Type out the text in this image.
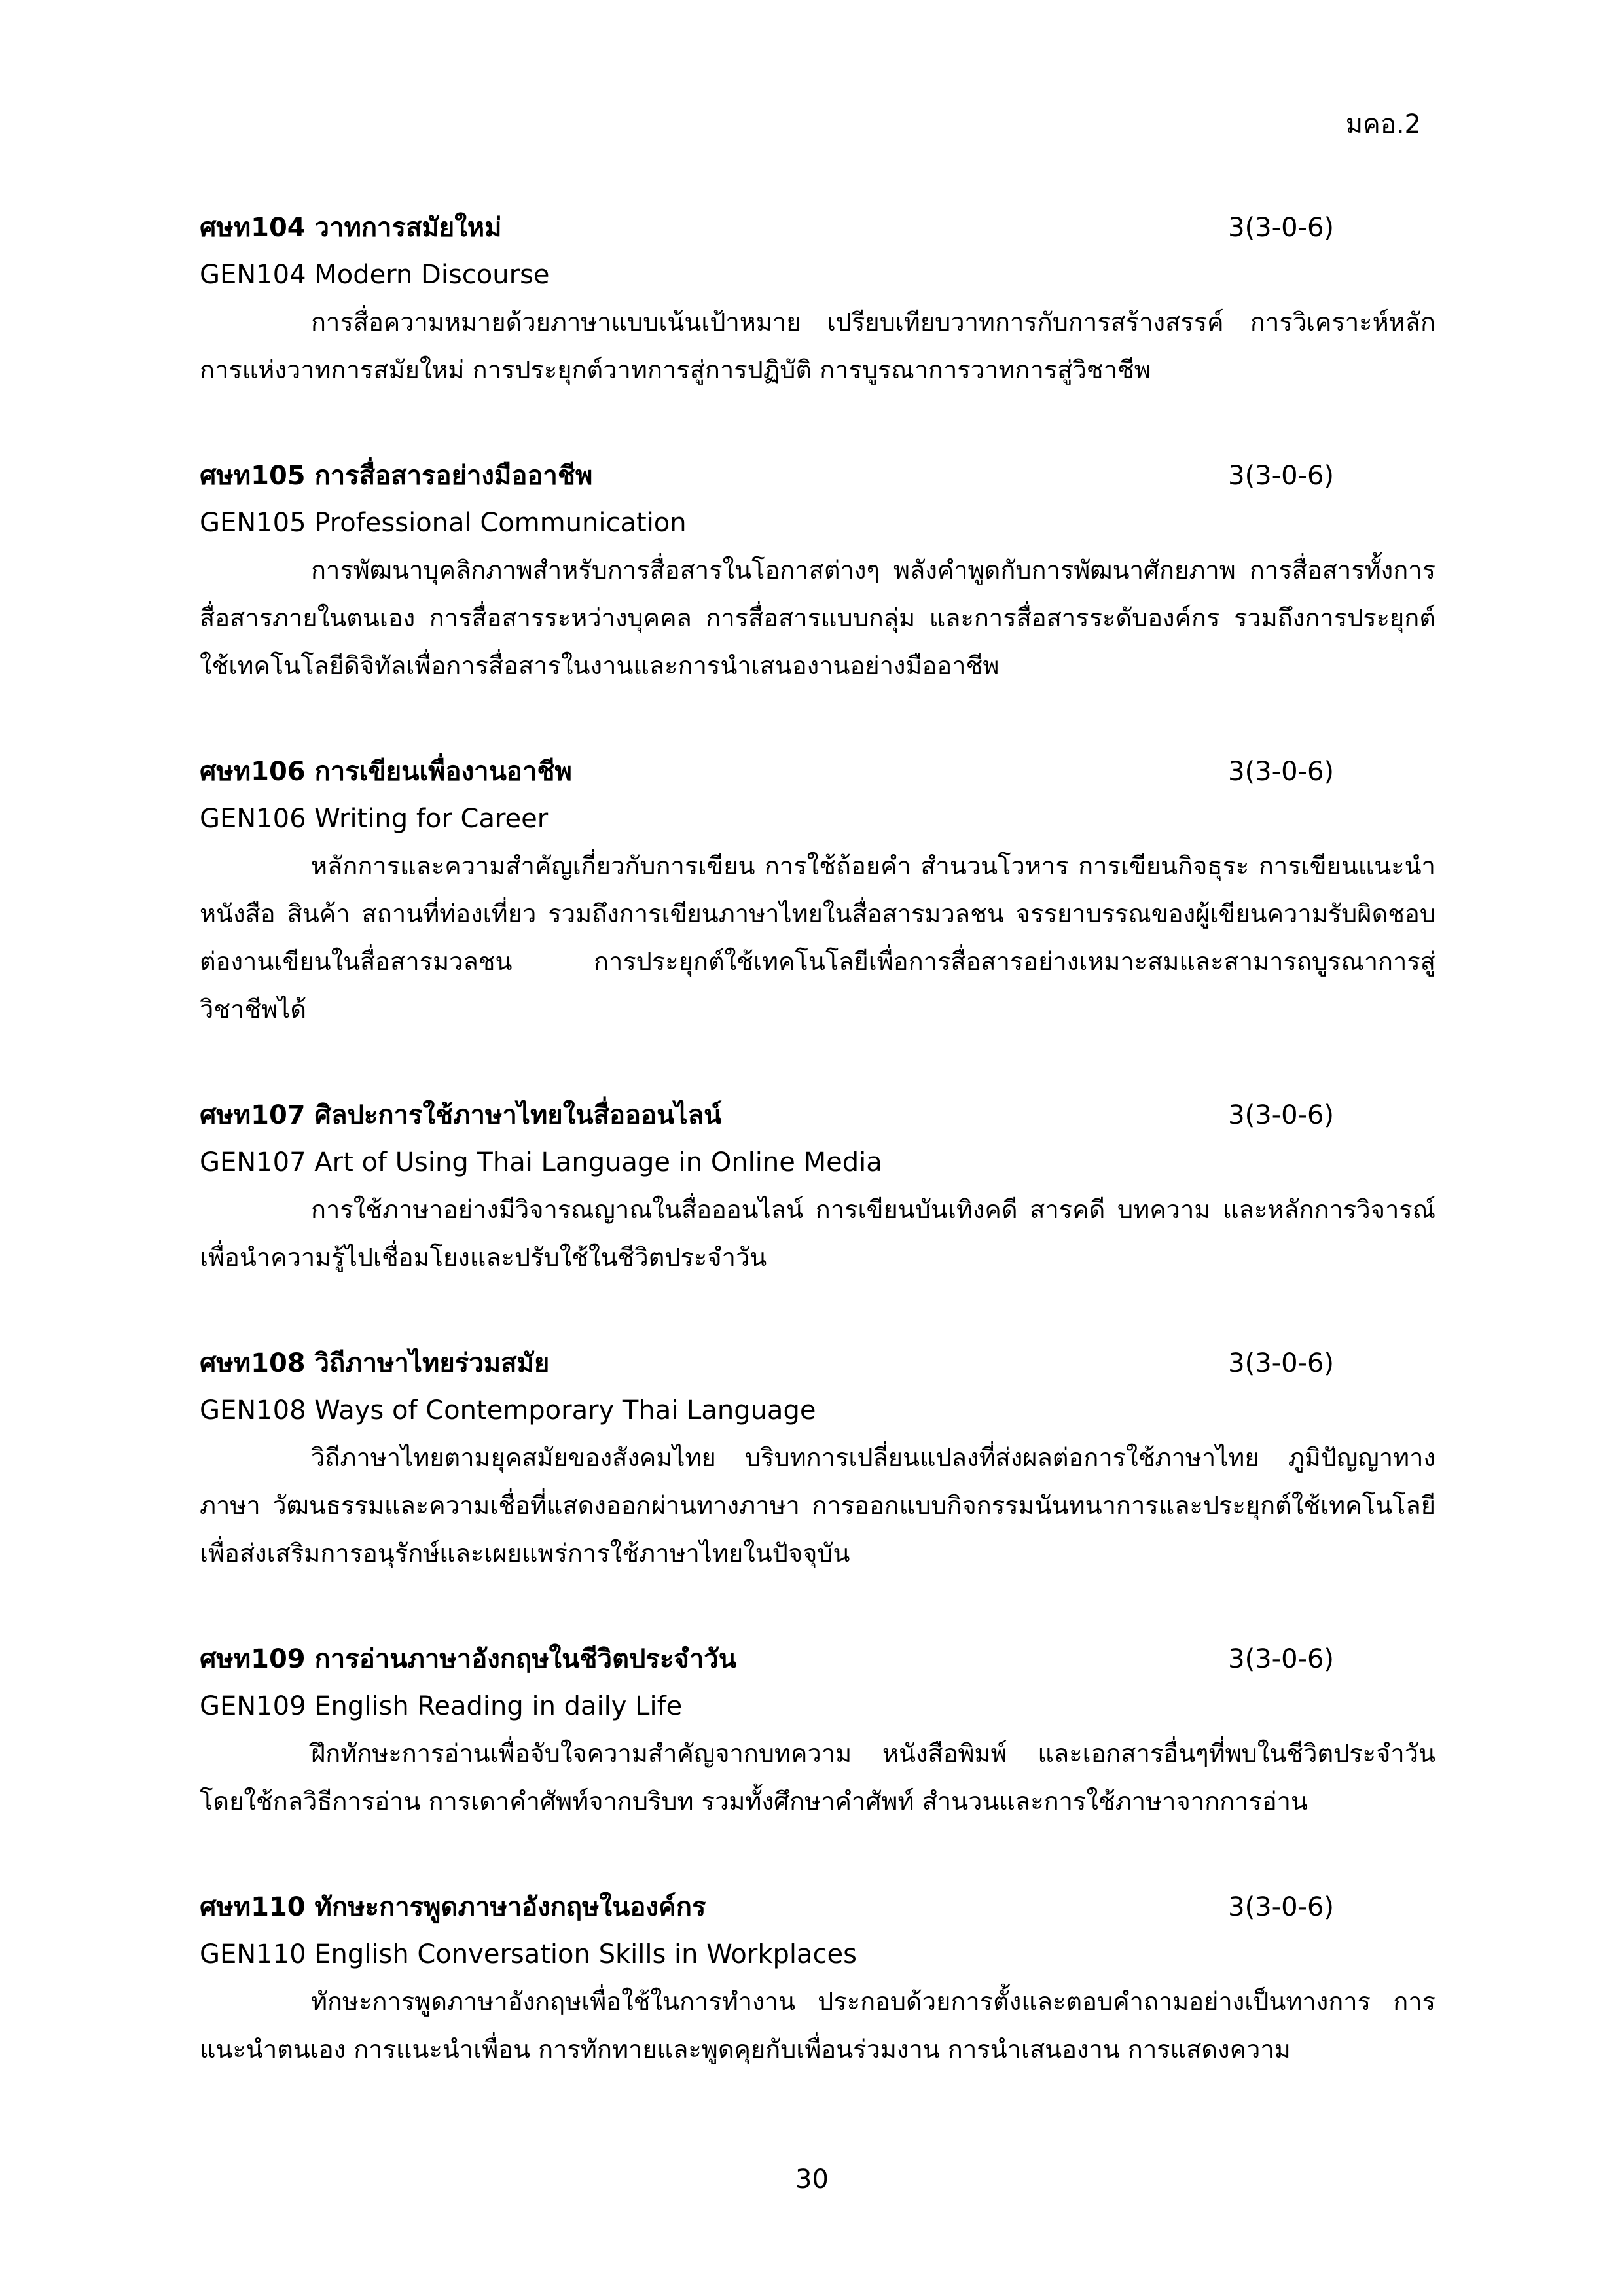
มคอ.2
ศษท104 วาทการสมัยใหม่	3(3-0-6)
GEN104 Modern Discourse

การสื่อความหมายด้วยภาษาแบบเน้นเป้าหมาย เปรียบเทียบวาทการกับการสร้างสรรค์ การวิเคราะห์หลักการแห่งวาทการสมัยใหม่ การประยุกต์วาทการสู่การปฏิบัติ การบูรณาการวาทการสู่วิชาชีพ

ศษท105 การสื่อสารอย่างมืออาชีพ	3(3-0-6)
GEN105 Professional Communication

การพัฒนาบุคลิกภาพสำหรับการสื่อสารในโอกาสต่างๆ พลังคำพูดกับการพัฒนาศักยภาพ การสื่อสารทั้งการสื่อสารภายในตนเอง การสื่อสารระหว่างบุคคล การสื่อสารแบบกลุ่ม และการสื่อสารระดับองค์กร รวมถึงการประยุกต์ใช้เทคโนโลยีดิจิทัลเพื่อการสื่อสารในงานและการนำเสนองานอย่างมืออาชีพ

ศษท106 การเขียนเพื่องานอาชีพ	3(3-0-6)
GEN106 Writing for Career

หลักการและความสำคัญเกี่ยวกับการเขียน การใช้ถ้อยคำ สำนวนโวหาร การเขียนกิจธุระ การเขียนแนะนำหนังสือ สินค้า สถานที่ท่องเที่ยว รวมถึงการเขียนภาษาไทยในสื่อสารมวลชน จรรยาบรรณของผู้เขียนความรับผิดชอบต่องานเขียนในสื่อสารมวลชน การประยุกต์ใช้เทคโนโลยีเพื่อการสื่อสารอย่างเหมาะสมและสามารถบูรณาการสู่วิชาชีพได้

ศษท107 ศิลปะการใช้ภาษาไทยในสื่อออนไลน์	3(3-0-6)
GEN107 Art of Using Thai Language in Online Media

การใช้ภาษาอย่างมีวิจารณญาณในสื่อออนไลน์ การเขียนบันเทิงคดี สารคดี บทความ และหลักการวิจารณ์ เพื่อนำความรู้ไปเชื่อมโยงและปรับใช้ในชีวิตประจำวัน

ศษท108 วิถีภาษาไทยร่วมสมัย	3(3-0-6)
GEN108 Ways of Contemporary Thai Language

วิถีภาษาไทยตามยุคสมัยของสังคมไทย บริบทการเปลี่ยนแปลงที่ส่งผลต่อการใช้ภาษาไทย ภูมิปัญญาทางภาษา วัฒนธรรมและความเชื่อที่แสดงออกผ่านทางภาษา การออกแบบกิจกรรมนันทนาการและประยุกต์ใช้เทคโนโลยีเพื่อส่งเสริมการอนุรักษ์และเผยแพร่การใช้ภาษาไทยในปัจจุบัน

ศษท109 การอ่านภาษาอังกฤษในชีวิตประจำวัน	3(3-0-6)
GEN109 English Reading in daily Life

ฝึกทักษะการอ่านเพื่อจับใจความสำคัญจากบทความ หนังสือพิมพ์ และเอกสารอื่นๆที่พบในชีวิตประจำวัน โดยใช้กลวิธีการอ่าน การเดาคำศัพท์จากบริบท รวมทั้งศึกษาคำศัพท์ สำนวนและการใช้ภาษาจากการอ่าน

ศษท110 ทักษะการพูดภาษาอังกฤษในองค์กร	3(3-0-6)
GEN110 English Conversation Skills in Workplaces

ทักษะการพูดภาษาอังกฤษเพื่อใช้ในการทำงาน ประกอบด้วยการตั้งและตอบคำถามอย่างเป็นทางการ การแนะนำตนเอง การแนะนำเพื่อน การทักทายและพูดคุยกับเพื่อนร่วมงาน การนำเสนองาน การแสดงความ

30
